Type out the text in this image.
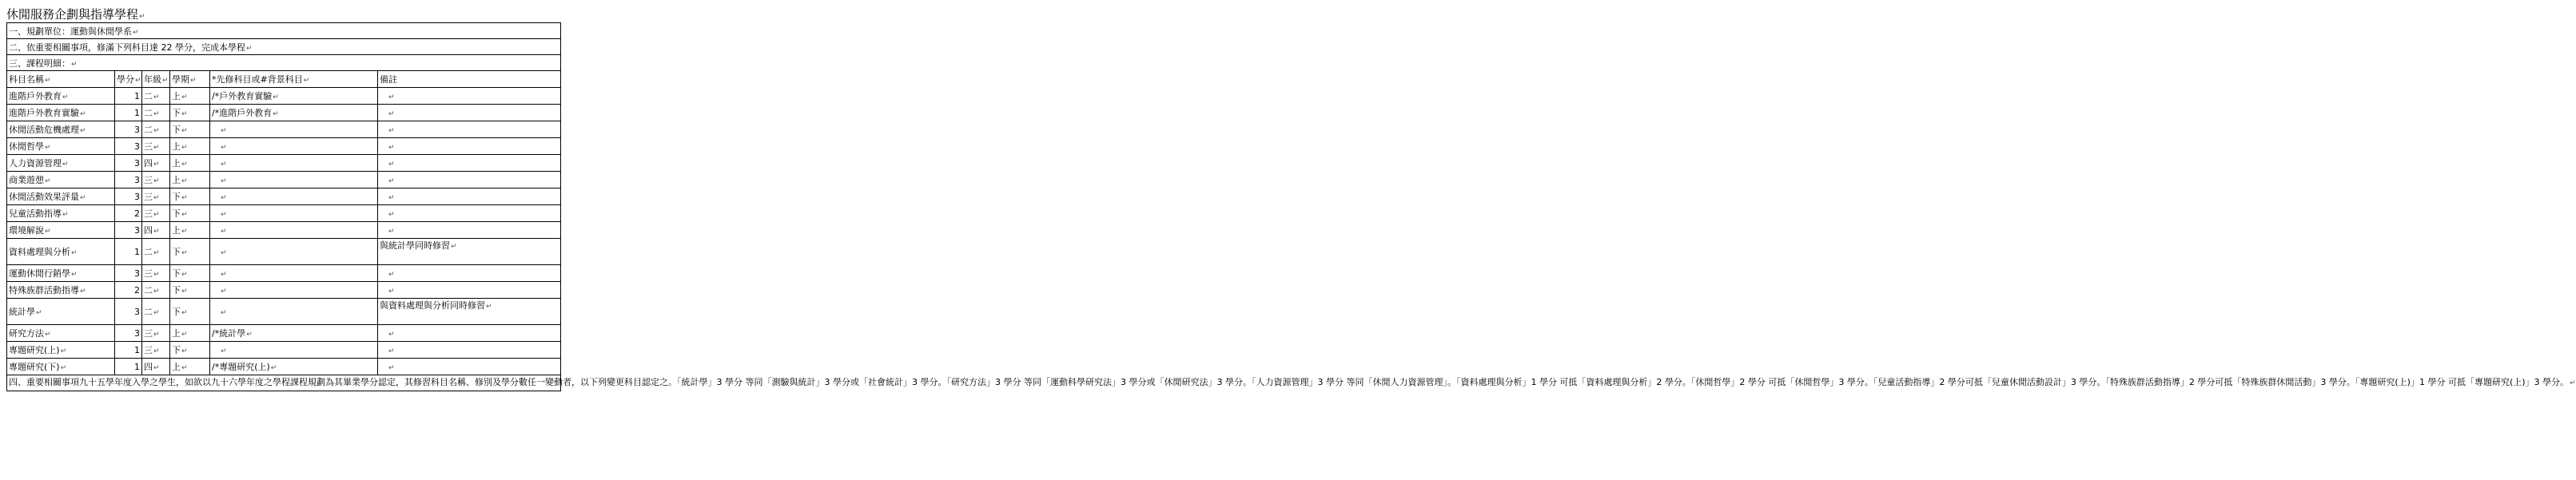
休閒服務企劃與指導學程↵
一、規劃單位：運動與休閒學系↵					
二、依重要相關事項，修滿下列科目達 22 學分，完成本學程↵					
三、課程明細：↵					
科目名稱↵	學分↵	年級↵	學期↵	*先修科目或#背景科目↵	備註
進階戶外教育↵	1	二↵	上↵	/*戶外教育實驗↵	↵
進階戶外教育實驗↵	1	二↵	下↵	/*進階戶外教育↵	↵
休閒活動危機處理↵	3	二↵	下↵	↵	↵
休閒哲學↵	3	三↵	上↵	↵	↵
人力資源管理↵	3	四↵	上↵	↵	↵
商業遊憩↵	3	三↵	上↵	↵	↵
休閒活動效果評量↵	3	三↵	下↵	↵	↵
兒童活動指導↵	2	三↵	下↵	↵	↵
環境解說↵	3	四↵	上↵	↵	↵
資料處理與分析↵	1	二↵	下↵	↵	與統計學同時修習↵
運動休閒行銷學↵	3	三↵	下↵	↵	↵
特殊族群活動指導↵	2	二↵	下↵	↵	↵
統計學↵	3	二↵	下↵	↵	與資料處理與分析同時修習↵
研究方法↵	3	三↵	上↵	/*統計學↵	↵
專題研究(上)↵	1	三↵	下↵	↵	↵
專題研究(下)↵	1	四↵	上↵	/*專題研究(上)↵	↵
四、重要相關事項九十五學年度入學之學生，如欲以九十六學年度之學程課程規劃為其畢業學分認定，其修習科目名稱、修別及學分數任一變動者，以下列變更科目認定之。「統計學」3 學分 等同「測驗與統計」3 學分或「社會統計」3 學分。「研究方法」3 學分 等同「運動科學研究法」3 學分或「休閒研究法」3 學分。「人力資源管理」3 學分 等同「休閒人力資源管理」。「資料處理與分析」1 學分 可抵「資料處理與分析」2 學分。「休閒哲學」2 學分 可抵「休閒哲學」3 學分。「兒童活動指導」2 學分可抵「兒童休閒活動設計」3 學分。「特殊族群活動指導」2 學分可抵「特殊族群休閒活動」3 學分。「專題研究(上)」1 學分 可抵「專題研究(上)」3 學分。↵					
